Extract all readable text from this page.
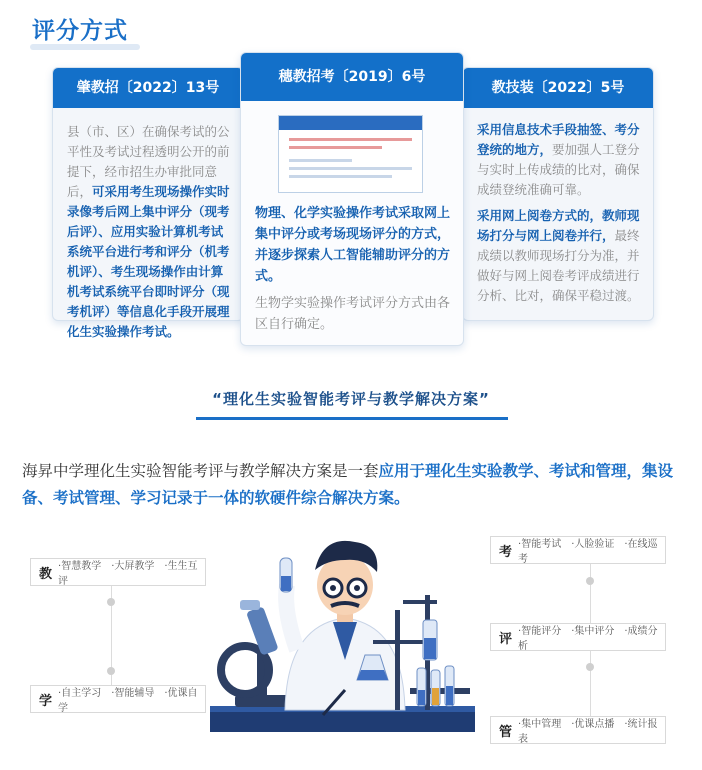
评分方式
肇教招〔2022〕13号

县（市、区）在确保考试的公平性及考试过程透明公开的前提下，经市招生办审批同意后，可采用考生现场操作实时录像考后网上集中评分（现考后评）、应用实验计算机考试系统平台进行考和评分（机考机评）、考生现场操作由计算机考试系统平台即时评分（现考机评）等信息化手段开展理化生实验操作考试。

穗教招考〔2019〕6号

物理、化学实验操作考试采取网上集中评分或考场现场评分的方式，并逐步探索人工智能辅助评分的方式。

生物学实验操作考试评分方式由各区自行确定。

教技装〔2022〕5号

采用信息技术手段抽签、考分登统的地方，要加强人工登分与实时上传成绩的比对，确保成绩登统准确可靠。

采用网上阅卷方式的，教师现场打分与网上阅卷并行，最终成绩以教师现场打分为准，并做好与网上阅卷考评成绩进行分析、比对，确保平稳过渡。

“理化生实验智能考评与教学解决方案”
海昇中学理化生实验智能考评与教学解决方案是一套应用于理化生实验教学、考试和管理，集设备、考试管理、学习记录于一体的软硬件综合解决方案。
教 ·智慧教学　·大屏教学　·生生互评
学 ·自主学习　·智能辅导　·优课自学
考 ·智能考试　·人脸验证　·在线巡考
评 ·智能评分　·集中评分　·成绩分析
管 ·集中管理　·优课点播　·统计报表
